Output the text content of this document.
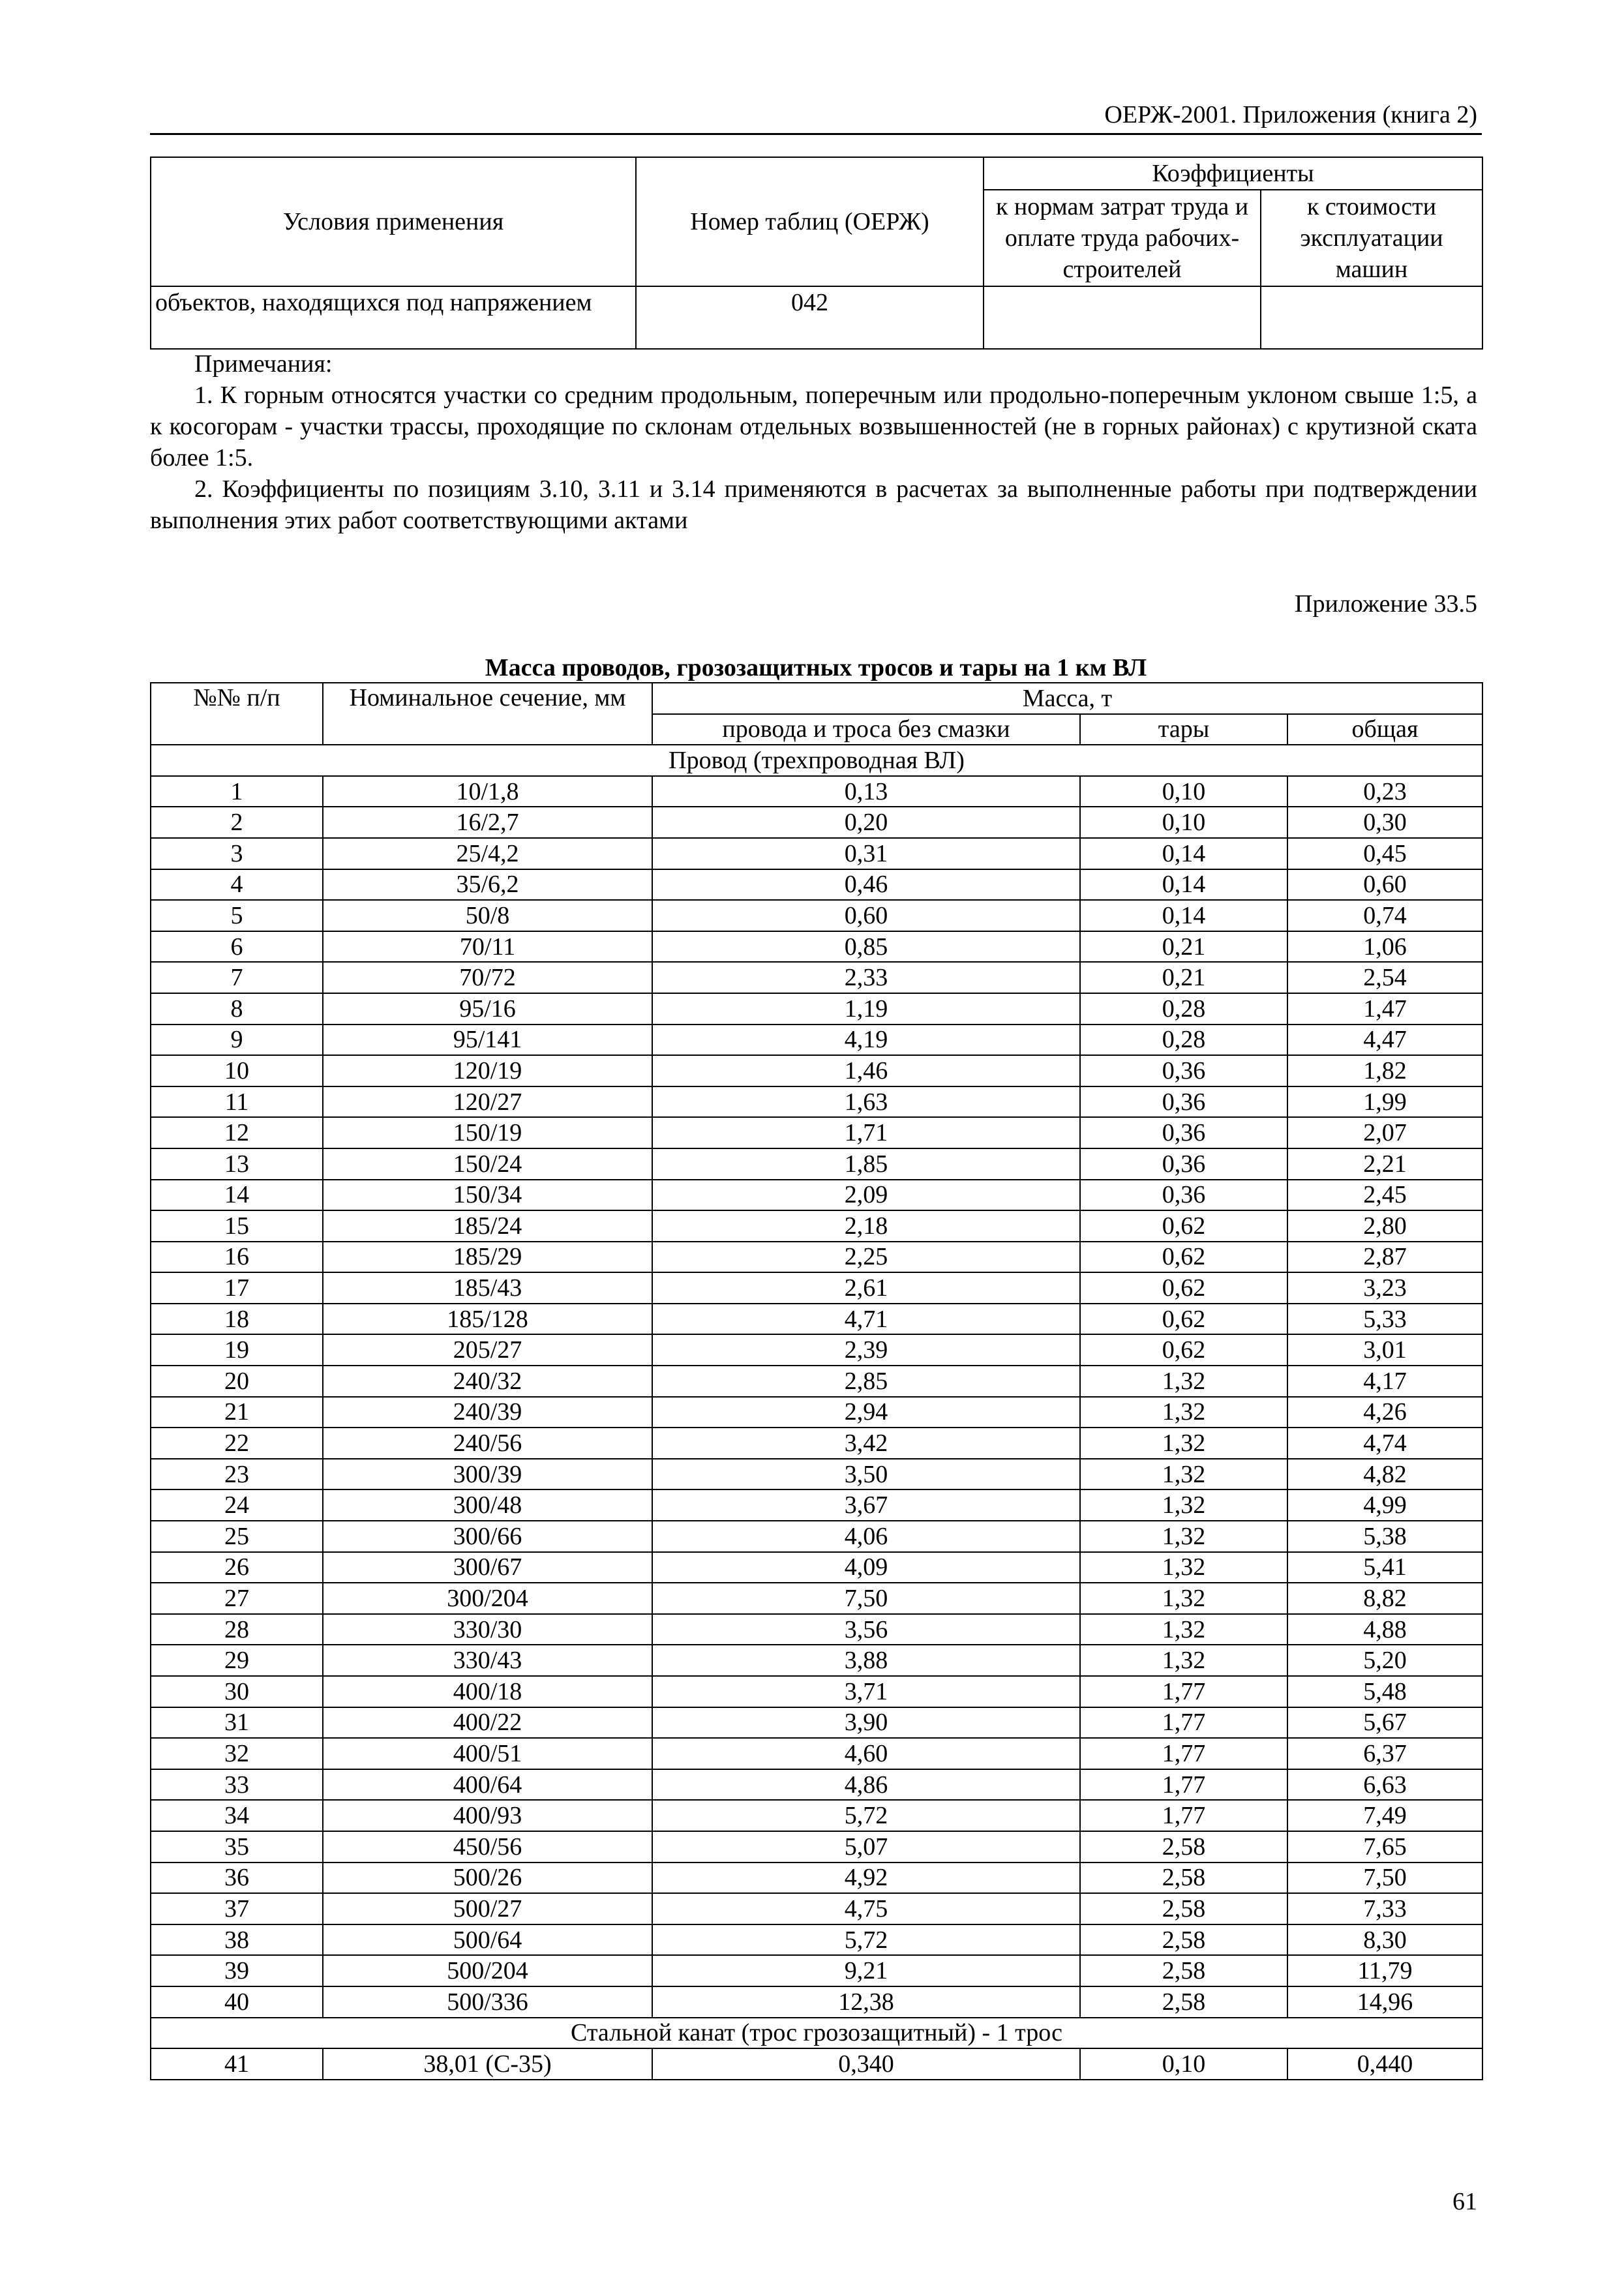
ОЕРЖ-2001. Приложения (книга 2)
Условия применения	Номер таблиц (ОЕРЖ)	Коэффициенты	
		к нормам затрат труда и оплате труда рабочих-строителей	к стоимости эксплуатации машин
объектов, находящихся под напряжением	042		

Примечания:

1. К горным относятся участки со средним продольным, поперечным или продольно-поперечным уклоном свыше 1:5, а к косогорам - участки трассы, проходящие по склонам отдельных возвышенностей (не в горных районах) с крутизной ската более 1:5.

2. Коэффициенты по позициям 3.10, 3.11 и 3.14 применяются в расчетах за выполненные работы при подтверждении выполнения этих работ соответствующими актами

Приложение 33.5
Масса проводов, грозозащитных тросов и тары на 1 км ВЛ
№№ п/п	Номинальное сечение, мм	Масса, т		
		провода и троса без смазки	тары	общая
Провод (трехпроводная ВЛ)				
1	10/1,8	0,13	0,10	0,23
2	16/2,7	0,20	0,10	0,30
3	25/4,2	0,31	0,14	0,45
4	35/6,2	0,46	0,14	0,60
5	50/8	0,60	0,14	0,74
6	70/11	0,85	0,21	1,06
7	70/72	2,33	0,21	2,54
8	95/16	1,19	0,28	1,47
9	95/141	4,19	0,28	4,47
10	120/19	1,46	0,36	1,82
11	120/27	1,63	0,36	1,99
12	150/19	1,71	0,36	2,07
13	150/24	1,85	0,36	2,21
14	150/34	2,09	0,36	2,45
15	185/24	2,18	0,62	2,80
16	185/29	2,25	0,62	2,87
17	185/43	2,61	0,62	3,23
18	185/128	4,71	0,62	5,33
19	205/27	2,39	0,62	3,01
20	240/32	2,85	1,32	4,17
21	240/39	2,94	1,32	4,26
22	240/56	3,42	1,32	4,74
23	300/39	3,50	1,32	4,82
24	300/48	3,67	1,32	4,99
25	300/66	4,06	1,32	5,38
26	300/67	4,09	1,32	5,41
27	300/204	7,50	1,32	8,82
28	330/30	3,56	1,32	4,88
29	330/43	3,88	1,32	5,20
30	400/18	3,71	1,77	5,48
31	400/22	3,90	1,77	5,67
32	400/51	4,60	1,77	6,37
33	400/64	4,86	1,77	6,63
34	400/93	5,72	1,77	7,49
35	450/56	5,07	2,58	7,65
36	500/26	4,92	2,58	7,50
37	500/27	4,75	2,58	7,33
38	500/64	5,72	2,58	8,30
39	500/204	9,21	2,58	11,79
40	500/336	12,38	2,58	14,96
Стальной канат (трос грозозащитный) - 1 трос				
41	38,01 (С-35)	0,340	0,10	0,440
61
